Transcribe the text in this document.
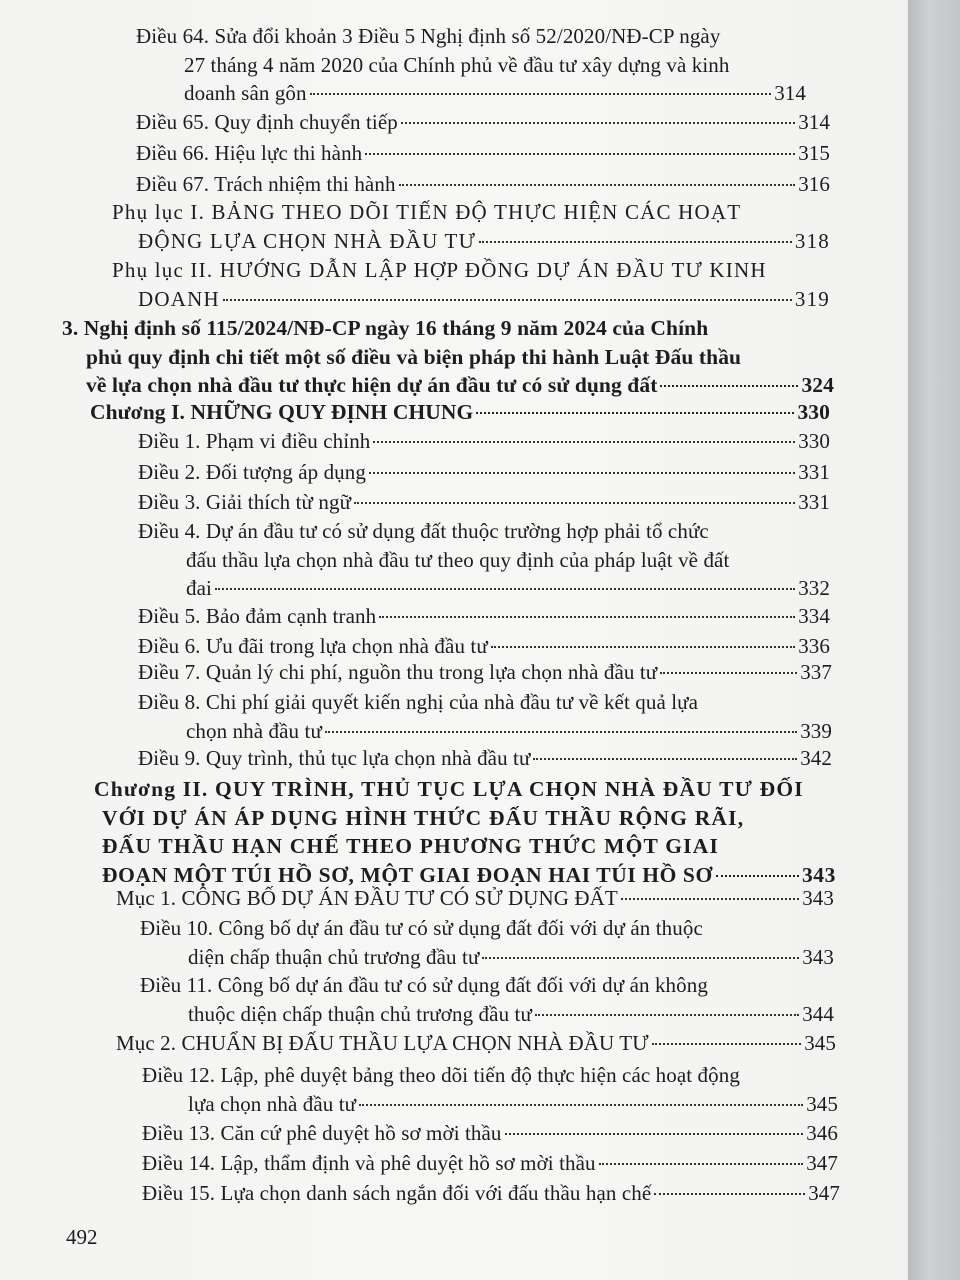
Điều 64. Sửa đổi khoản 3 Điều 5 Nghị định số 52/2020/NĐ-CP ngày
27 tháng 4 năm 2020 của Chính phủ về đầu tư xây dựng và kinh
doanh sân gôn	314
Điều 65. Quy định chuyển tiếp	314
Điều 66. Hiệu lực thi hành	315
Điều 67. Trách nhiệm thi hành	316
Phụ lục I. BẢNG THEO DÕI TIẾN ĐỘ THỰC HIỆN CÁC HOẠT
ĐỘNG LỰA CHỌN NHÀ ĐẦU TƯ	318
Phụ lục II. HƯỚNG DẪN LẬP HỢP ĐỒNG DỰ ÁN ĐẦU TƯ KINH
DOANH	319
3. Nghị định số 115/2024/NĐ-CP ngày 16 tháng 9 năm 2024 của Chính
phủ quy định chi tiết một số điều và biện pháp thi hành Luật Đấu thầu
về lựa chọn nhà đầu tư thực hiện dự án đầu tư có sử dụng đất	324
Chương I. NHỮNG QUY ĐỊNH CHUNG	330
Điều 1. Phạm vi điều chỉnh	330
Điều 2. Đối tượng áp dụng	331
Điều 3. Giải thích từ ngữ	331
Điều 4. Dự án đầu tư có sử dụng đất thuộc trường hợp phải tổ chức
đấu thầu lựa chọn nhà đầu tư theo quy định của pháp luật về đất
đai	332
Điều 5. Bảo đảm cạnh tranh	334
Điều 6. Ưu đãi trong lựa chọn nhà đầu tư	336
Điều 7. Quản lý chi phí, nguồn thu trong lựa chọn nhà đầu tư	337
Điều 8. Chi phí giải quyết kiến nghị của nhà đầu tư về kết quả lựa
chọn nhà đầu tư	339
Điều 9. Quy trình, thủ tục lựa chọn nhà đầu tư	342
Chương II. QUY TRÌNH, THỦ TỤC LỰA CHỌN NHÀ ĐẦU TƯ ĐỐI
VỚI DỰ ÁN ÁP DỤNG HÌNH THỨC ĐẤU THẦU RỘNG RÃI,
ĐẤU THẦU HẠN CHẾ THEO PHƯƠNG THỨC MỘT GIAI
ĐOẠN MỘT TÚI HỒ SƠ, MỘT GIAI ĐOẠN HAI TÚI HỒ SƠ	343
Mục 1. CÔNG BỐ DỰ ÁN ĐẦU TƯ CÓ SỬ DỤNG ĐẤT	343
Điều 10. Công bố dự án đầu tư có sử dụng đất đối với dự án thuộc
diện chấp thuận chủ trương đầu tư	343
Điều 11. Công bố dự án đầu tư có sử dụng đất đối với dự án không
thuộc diện chấp thuận chủ trương đầu tư	344
Mục 2. CHUẨN BỊ ĐẤU THẦU LỰA CHỌN NHÀ ĐẦU TƯ	345
Điều 12. Lập, phê duyệt bảng theo dõi tiến độ thực hiện các hoạt động
lựa chọn nhà đầu tư	345
Điều 13. Căn cứ phê duyệt hồ sơ mời thầu	346
Điều 14. Lập, thẩm định và phê duyệt hồ sơ mời thầu	347
Điều 15. Lựa chọn danh sách ngắn đối với đấu thầu hạn chế	347
492
